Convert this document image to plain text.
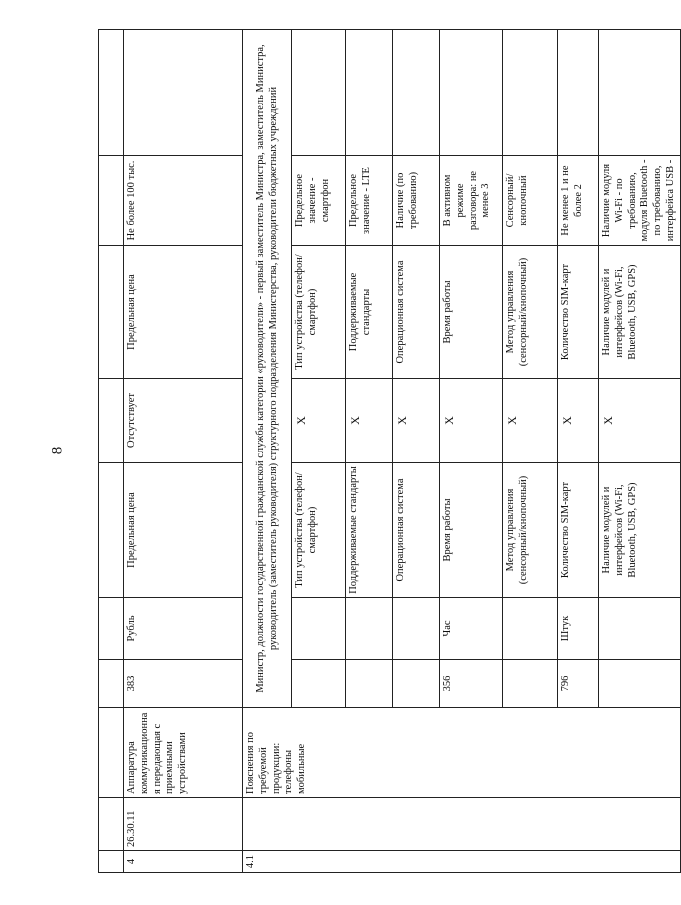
8

4	26.30.11	Аппаратура коммуникационная передающая с приемными устройствами	383	Рубль	Предельная цена	Отсутствует	Предельная цена	Не более 100 тыс.	
4.1		Пояснения по требуемой продукции: телефоны мобильные	Министр, должности государственной гражданской службы категории «руководители» - первый заместитель Министра, заместитель Министра, руководитель (заместитель руководителя) структурного подразделения Министерства, руководители бюджетных учреждений						
					Тип устройства (телефон/смартфон)	X	Тип устройства (телефон/смартфон)	Предельное значение - смартфон	
					Поддерживаемые стандарты	X	Поддерживаемые стандарты	Предельное значение - LTE	
					Операционная система	X	Операционная система	Наличие (по требованию)	
			356	Час	Время работы	X	Время работы	В активном режиме разговора: не менее 3	
					Метод управления (сенсорный/кнопочный)	X	Метод управления (сенсорный/кнопочный)	Сенсорный/кнопочный	
			796	Штук	Количество SIM-карт	X	Количество SIM-карт	Не менее 1 и не более 2	
					Наличие модулей и интерфейсов (Wi-Fi, Bluetooth, USB, GPS)	X	Наличие модулей и интерфейсов (Wi-Fi, Bluetooth, USB, GPS)	Наличие модуля Wi-Fi - по требованию, модуля Bluetooth - по требованию, интерфейса USB -	
